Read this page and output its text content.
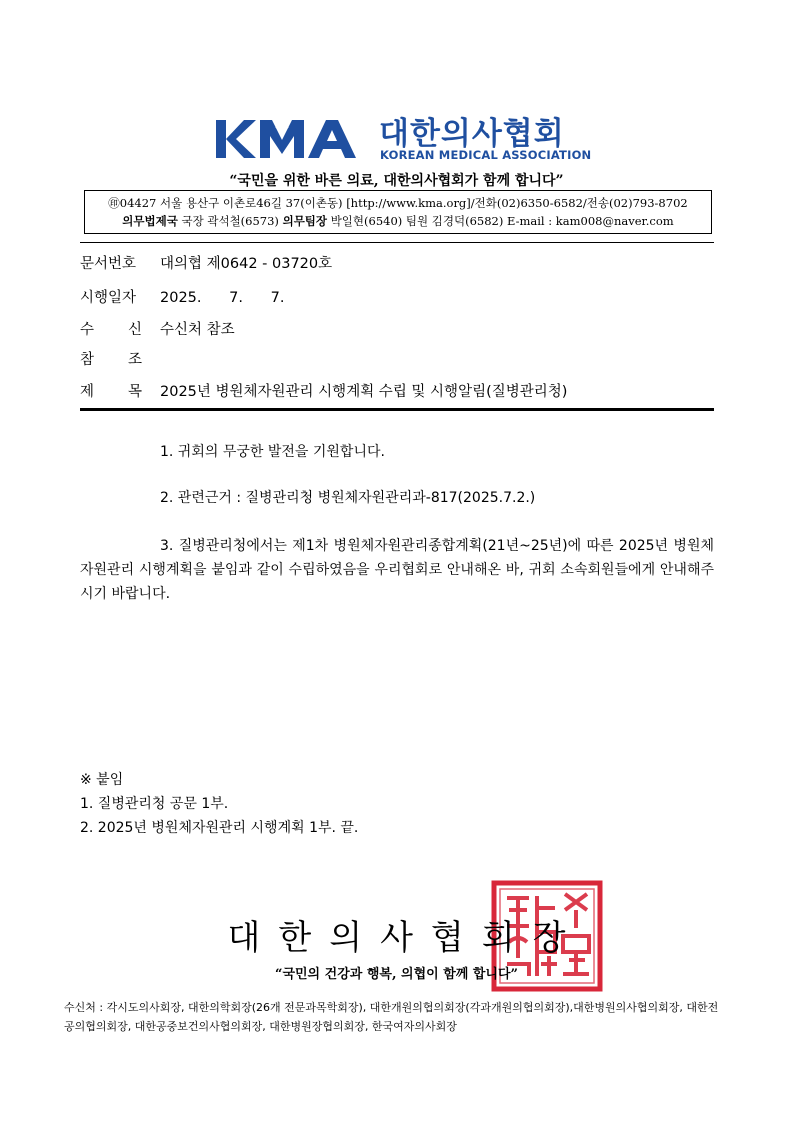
대한의사협회
KOREAN MEDICAL ASSOCIATION
“국민을 위한 바른 의료, 대한의사협회가 함께 합니다”
㊞04427 서울 용산구 이촌로46길 37(이촌동) [http://www.kma.org]/전화(02)6350-6582/전송(02)793-8702
의무법제국 국장 곽석철(6573) 의무팀장 박일현(6540) 팀원 김경덕(6582) E-mail : kam008@naver.com
문서번호 대의협 제0642 - 03720호
시행일자 2025.      7.      7.
수 신 수신처 참조
참 조
제 목 2025년 병원체자원관리 시행계획 수립 및 시행알림(질병관리청)
1. 귀회의 무궁한 발전을 기원합니다.
2. 관련근거 : 질병관리청 병원체자원관리과-817(2025.7.2.)
3. 질병관리청에서는 제1차 병원체자원관리종합계획(21년~25년)에 따른 2025년 병원체자원관리 시행계획을 붙임과 같이 수립하였음을 우리협회로 안내해온 바, 귀회 소속회원들에게 안내해주시기 바랍니다.
※ 붙임
1. 질병관리청 공문 1부.
2. 2025년 병원체자원관리 시행계획 1부. 끝.
대한의사협회장
“국민의 건강과 행복, 의협이 함께 합니다”
수신처 : 각시도의사회장, 대한의학회장(26개 전문과목학회장), 대한개원의협의회장(각과개원의협의회장),대한병원의사협의회장, 대한전공의협의회장, 대한공중보건의사협의회장, 대한병원장협의회장, 한국여자의사회장
